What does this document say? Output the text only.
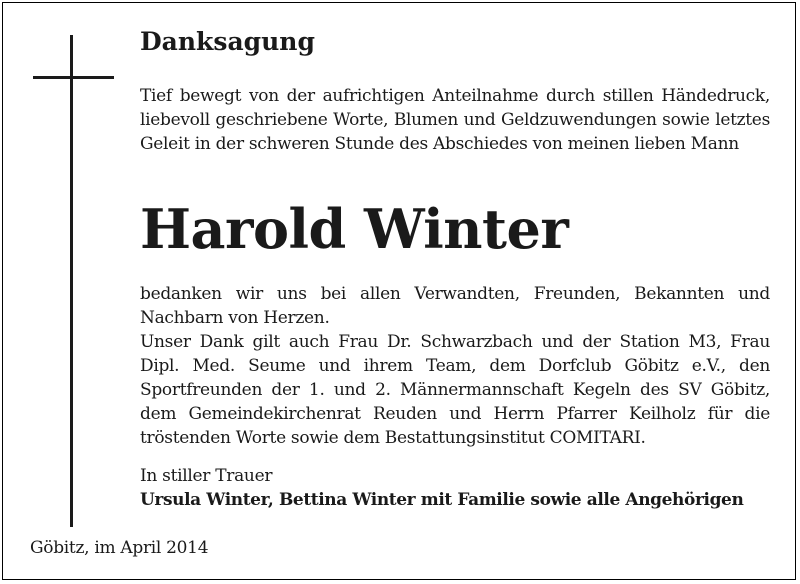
Danksagung

Tief bewegt von der aufrichtigen Anteilnahme durch stillen Händedruck, liebevoll geschriebene Worte, Blumen und Geldzuwendungen sowie letztes Geleit in der schweren Stunde des Abschiedes von meinen lieben Mann

Harold Winter

bedanken wir uns bei allen Verwandten, Freunden, Bekannten und Nachbarn von Herzen.

Unser Dank gilt auch Frau Dr. Schwarzbach und der Station M3, Frau Dipl. Med. Seume und ihrem Team, dem Dorfclub Göbitz e.V., den Sportfreunden der 1. und 2. Männermannschaft Kegeln des SV Göbitz, dem Gemeindekirchenrat Reuden und Herrn Pfarrer Keilholz für die tröstenden Worte sowie dem Bestattungsinstitut COMITARI.

In stiller Trauer

Ursula Winter, Bettina Winter mit Familie sowie alle Angehörigen

Göbitz, im April 2014
